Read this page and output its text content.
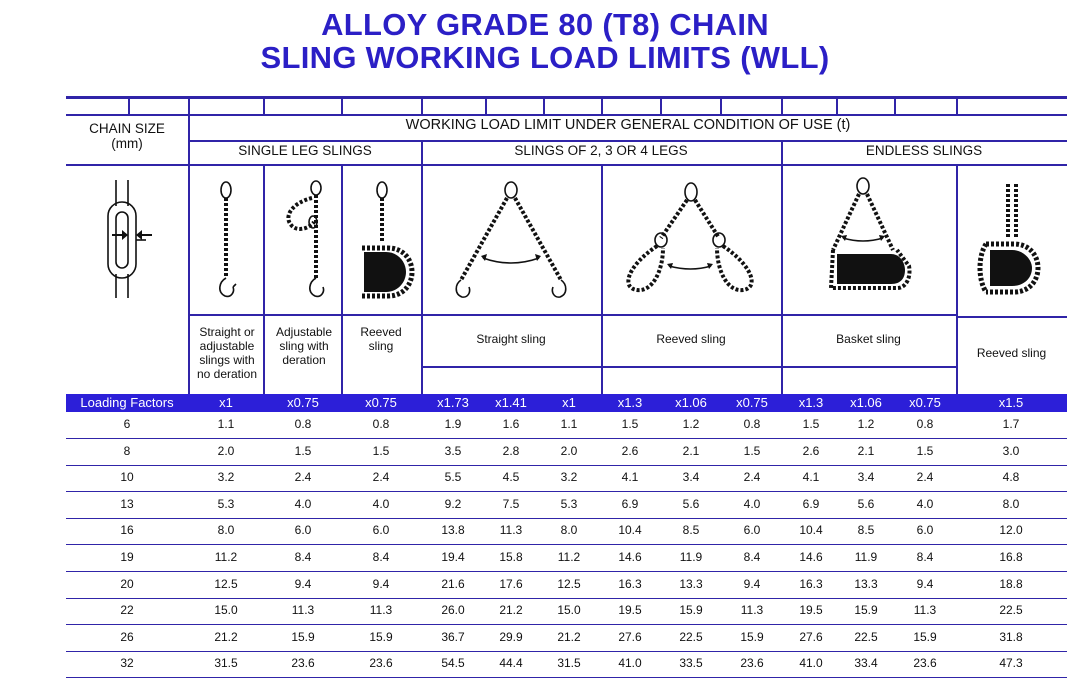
ALLOY GRADE 80 (T8) CHAIN
SLING WORKING LOAD LIMITS (WLL)
CHAIN SIZE
(mm)
WORKING LOAD LIMIT UNDER GENERAL CONDITION OF USE (t)
SINGLE LEG SLINGS	SLINGS OF 2, 3 OR 4 LEGS	ENDLESS SLINGS
Straight or adjustable slings with no deration
Adjustable sling with deration
Reeved sling	Straight sling	Reeved sling	Basket sling
Reeved sling
Loading Factors	x1	x0.75	x0.75	x1.73	x1.41	x1	x1.3	x1.06	x0.75	x1.3	x1.06	x0.75	x1.5
6	1.1	0.8	0.8	1.9	1.6	1.1	1.5	1.2	0.8	1.5	1.2	0.8	1.7
8	2.0	1.5	1.5	3.5	2.8	2.0	2.6	2.1	1.5	2.6	2.1	1.5	3.0
10	3.2	2.4	2.4	5.5	4.5	3.2	4.1	3.4	2.4	4.1	3.4	2.4	4.8
13	5.3	4.0	4.0	9.2	7.5	5.3	6.9	5.6	4.0	6.9	5.6	4.0	8.0
16	8.0	6.0	6.0	13.8	11.3	8.0	10.4	8.5	6.0	10.4	8.5	6.0	12.0
19	11.2	8.4	8.4	19.4	15.8	11.2	14.6	11.9	8.4	14.6	11.9	8.4	16.8
20	12.5	9.4	9.4	21.6	17.6	12.5	16.3	13.3	9.4	16.3	13.3	9.4	18.8
22	15.0	11.3	11.3	26.0	21.2	15.0	19.5	15.9	11.3	19.5	15.9	11.3	22.5
26	21.2	15.9	15.9	36.7	29.9	21.2	27.6	22.5	15.9	27.6	22.5	15.9	31.8
32	31.5	23.6	23.6	54.5	44.4	31.5	41.0	33.5	23.6	41.0	33.4	23.6	47.3
